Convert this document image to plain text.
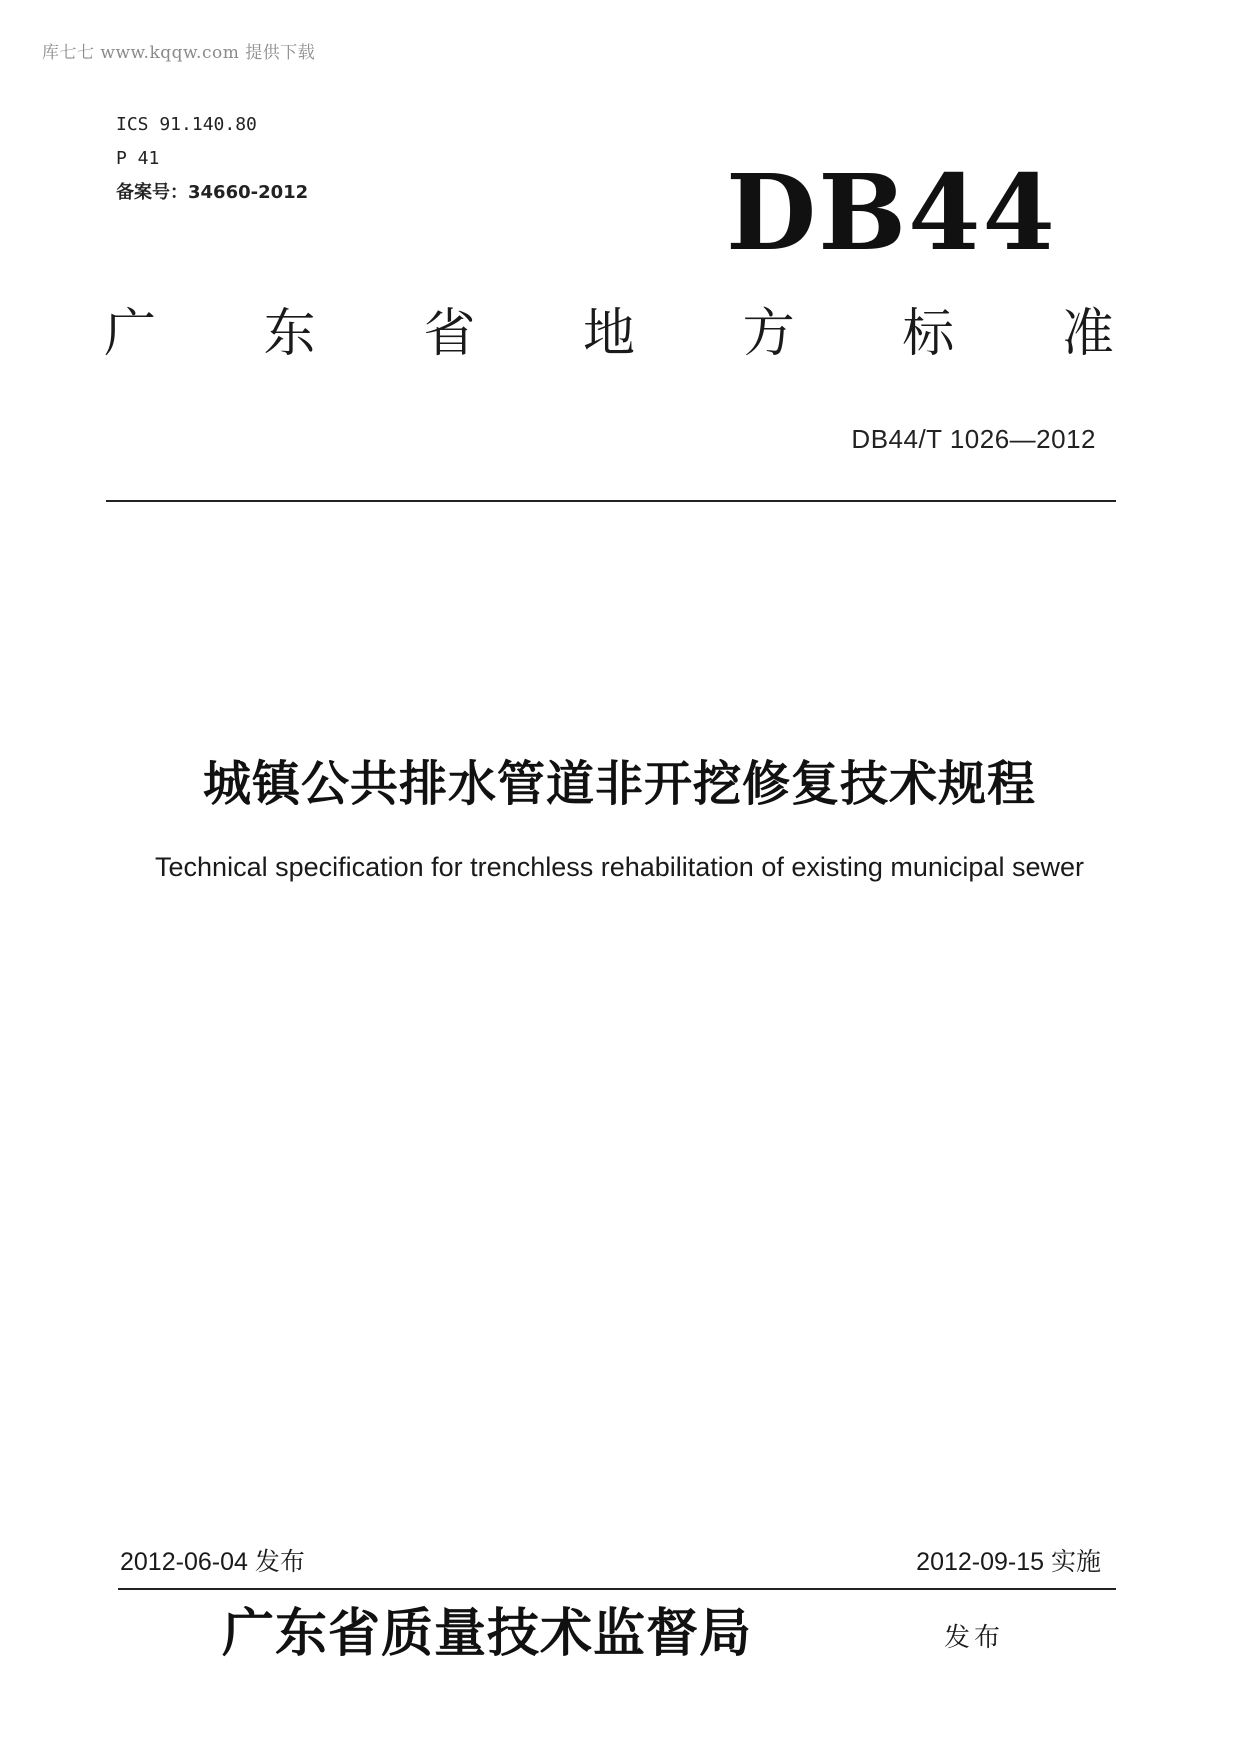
库七七 www.kqqw.com 提供下载
ICS 91.140.80
P 41
备案号：34660-2012	DB44
广 东 省 地 方 标 准
DB44/T 1026—2012
城镇公共排水管道非开挖修复技术规程
Technical specification for trenchless rehabilitation of existing municipal sewer
2012-06-04 发布	2012-09-15 实施
广东省质量技术监督局	发布
